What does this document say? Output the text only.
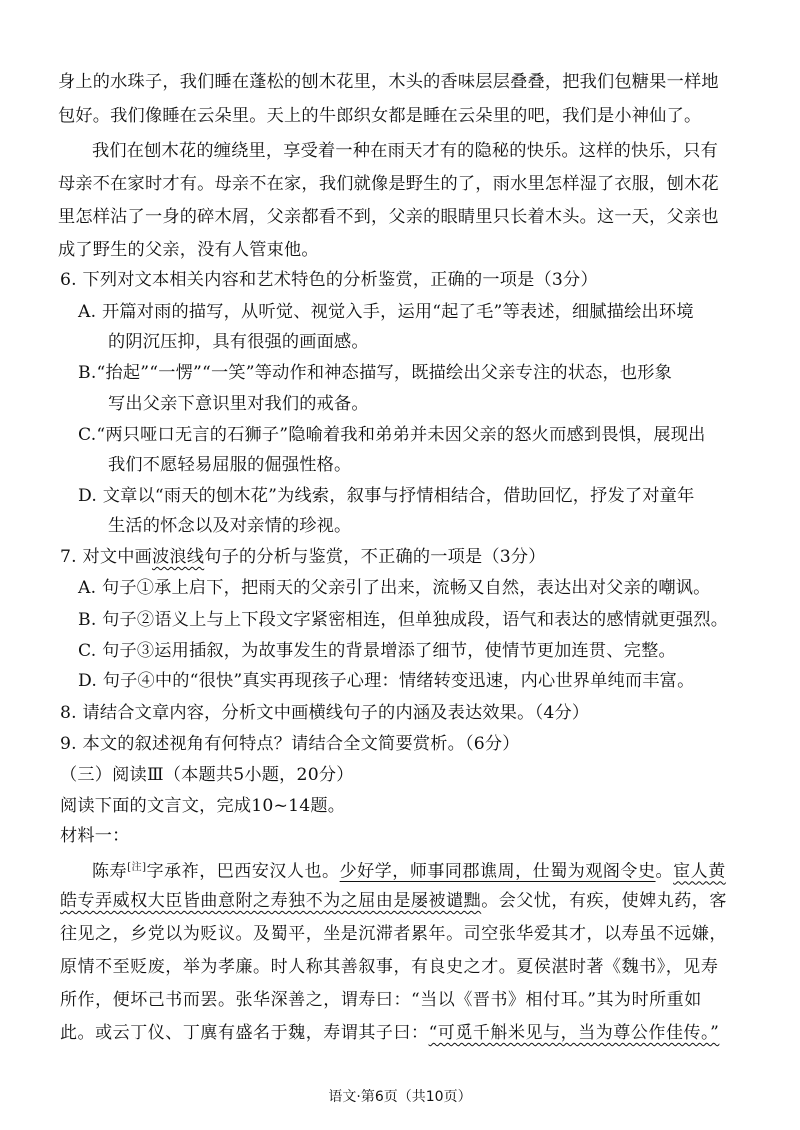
身上的水珠子，我们睡在蓬松的刨木花里，木头的香味层层叠叠，把我们包糖果一样地

包好。我们像睡在云朵里。天上的牛郎织女都是睡在云朵里的吧，我们是小神仙了。

我们在刨木花的缠绕里，享受着一种在雨天才有的隐秘的快乐。这样的快乐，只有

母亲不在家时才有。母亲不在家，我们就像是野生的了，雨水里怎样湿了衣服，刨木花

里怎样沾了一身的碎木屑，父亲都看不到，父亲的眼睛里只长着木头。这一天，父亲也

成了野生的父亲，没有人管束他。

6. 下列对文本相关内容和艺术特色的分析鉴赏，正确的一项是（3分）

A. 开篇对雨的描写，从听觉、视觉入手，运用“起了毛”等表述，细腻描绘出环境

的阴沉压抑，具有很强的画面感。

B.“抬起”“一愣”“一笑”等动作和神态描写，既描绘出父亲专注的状态，也形象

写出父亲下意识里对我们的戒备。

C.“两只哑口无言的石狮子”隐喻着我和弟弟并未因父亲的怒火而感到畏惧，展现出

我们不愿轻易屈服的倔强性格。

D. 文章以“雨天的刨木花”为线索，叙事与抒情相结合，借助回忆，抒发了对童年

生活的怀念以及对亲情的珍视。

7. 对文中画波浪线句子的分析与鉴赏，不正确的一项是（3分）

A. 句子①承上启下，把雨天的父亲引了出来，流畅又自然，表达出对父亲的嘲讽。

B. 句子②语义上与上下段文字紧密相连，但单独成段，语气和表达的感情就更强烈。

C. 句子③运用插叙，为故事发生的背景增添了细节，使情节更加连贯、完整。

D. 句子④中的“很快”真实再现孩子心理：情绪转变迅速，内心世界单纯而丰富。

8. 请结合文章内容，分析文中画横线句子的内涵及表达效果。（4分）

9. 本文的叙述视角有何特点？请结合全文简要赏析。（6分）

（三）阅读Ⅲ（本题共5小题，20分）

阅读下面的文言文，完成10~14题。

材料一：

陈寿[注]字承祚，巴西安汉人也。少好学，师事同郡谯周，仕蜀为观阁令史。宦人黄

皓专弄威权大臣皆曲意附之寿独不为之屈由是屡被谴黜。会父忧，有疾，使婢丸药，客

往见之，乡党以为贬议。及蜀平，坐是沉滞者累年。司空张华爱其才，以寿虽不远嫌，

原情不至贬废，举为孝廉。时人称其善叙事，有良史之才。夏侯湛时著《魏书》，见寿

所作，便坏己书而罢。张华深善之，谓寿曰：“当以《晋书》相付耳。”其为时所重如

此。或云丁仪、丁廙有盛名于魏，寿谓其子曰：“可觅千斛米见与，当为尊公作佳传。”

语文·第6页（共10页）
